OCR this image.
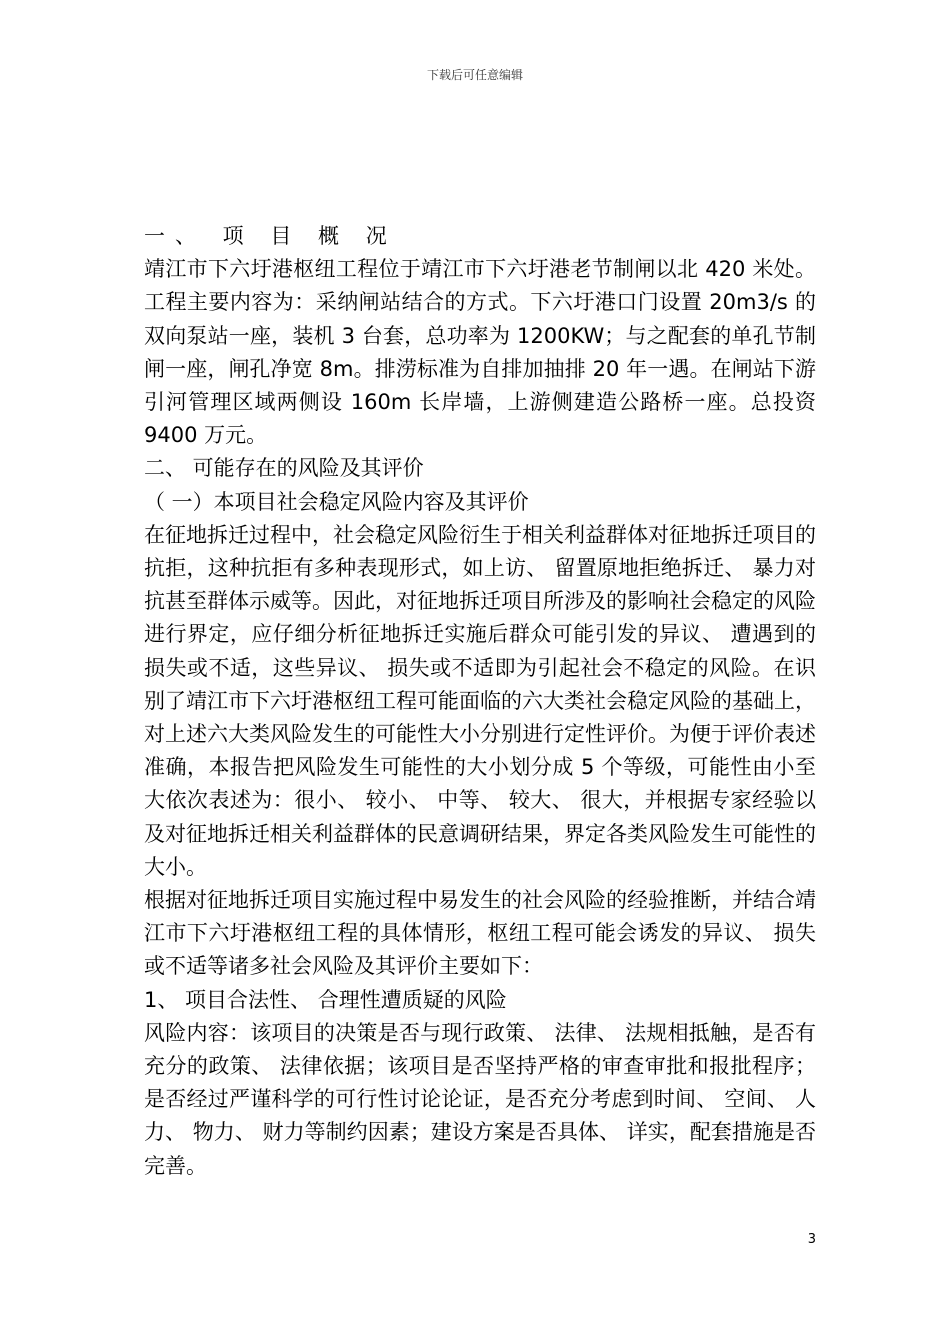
下载后可任意编辑

一、 项 目 概 况

靖江市下六圩港枢纽工程位于靖江市下六圩港老节制闸以北 420 米处。工程主要内容为：采纳闸站结合的方式。下六圩港口门设置 20m3/s 的双向泵站一座，装机 3 台套，总功率为 1200KW；与之配套的单孔节制闸一座，闸孔净宽 8m。排涝标准为自排加抽排 20 年一遇。在闸站下游引河管理区域两侧设 160m 长岸墙，上游侧建造公路桥一座。总投资 9400 万元。

二、 可能存在的风险及其评价

（ 一）本项目社会稳定风险内容及其评价

在征地拆迁过程中，社会稳定风险衍生于相关利益群体对征地拆迁项目的抗拒，这种抗拒有多种表现形式，如上访、 留置原地拒绝拆迁、 暴力对抗甚至群体示威等。因此，对征地拆迁项目所涉及的影响社会稳定的风险进行界定，应仔细分析征地拆迁实施后群众可能引发的异议、 遭遇到的损失或不适，这些异议、 损失或不适即为引起社会不稳定的风险。在识别了靖江市下六圩港枢纽工程可能面临的六大类社会稳定风险的基础上，对上述六大类风险发生的可能性大小分别进行定性评价。为便于评价表述准确，本报告把风险发生可能性的大小划分成 5 个等级，可能性由小至大依次表述为：很小、 较小、 中等、 较大、 很大，并根据专家经验以及对征地拆迁相关利益群体的民意调研结果，界定各类风险发生可能性的大小。

根据对征地拆迁项目实施过程中易发生的社会风险的经验推断，并结合靖江市下六圩港枢纽工程的具体情形，枢纽工程可能会诱发的异议、 损失或不适等诸多社会风险及其评价主要如下：

1、 项目合法性、 合理性遭质疑的风险

风险内容：该项目的决策是否与现行政策、 法律、 法规相抵触，是否有充分的政策、 法律依据；该项目是否坚持严格的审查审批和报批程序；是否经过严谨科学的可行性讨论论证，是否充分考虑到时间、 空间、 人力、 物力、 财力等制约因素；建设方案是否具体、 详实，配套措施是否完善。

3
